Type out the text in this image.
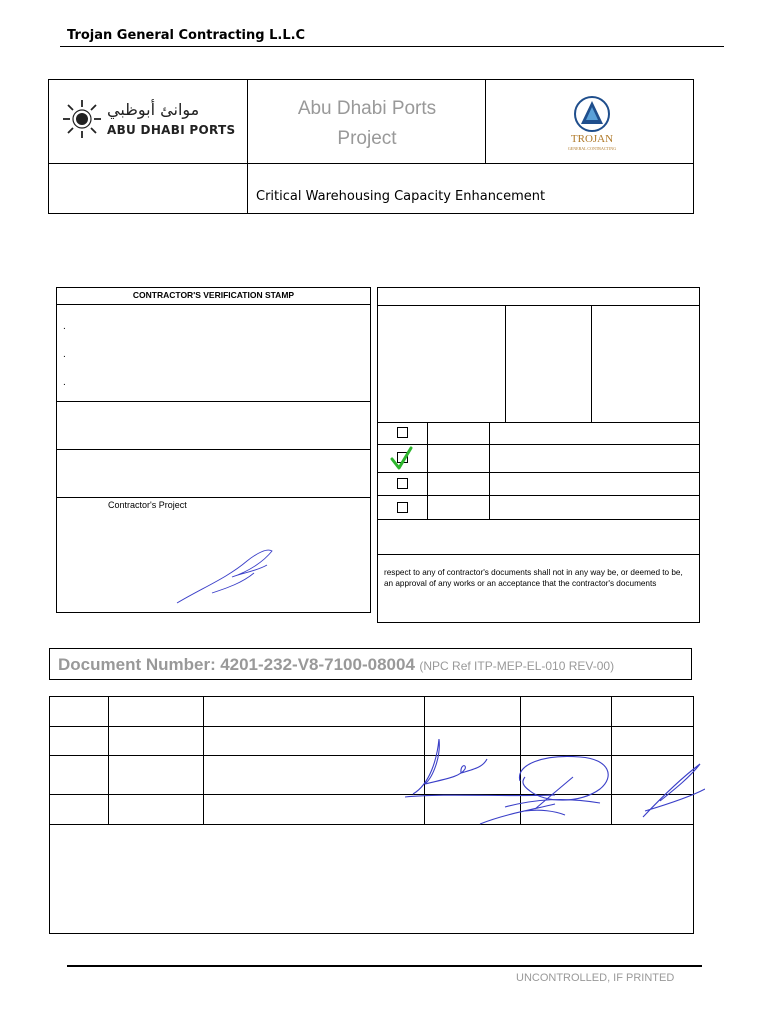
Trojan General Contracting L.L.C
موانئ أبوظبي
ABU DHABI PORTS
Abu Dhabi Ports
Project	TROJAN
GENERAL CONTRACTING
Critical Warehousing Capacity Enhancement
CONTRACTOR'S VERIFICATION STAMP
.
.
.
Contractor's Project
respect to any of contractor's documents shall not in any way be, or deemed to be, an approval of any works or an acceptance that the contractor's documents
Document Number: 4201-232-V8-7100-08004 (NPC Ref ITP-MEP-EL-010 REV-00)
UNCONTROLLED, IF PRINTED
